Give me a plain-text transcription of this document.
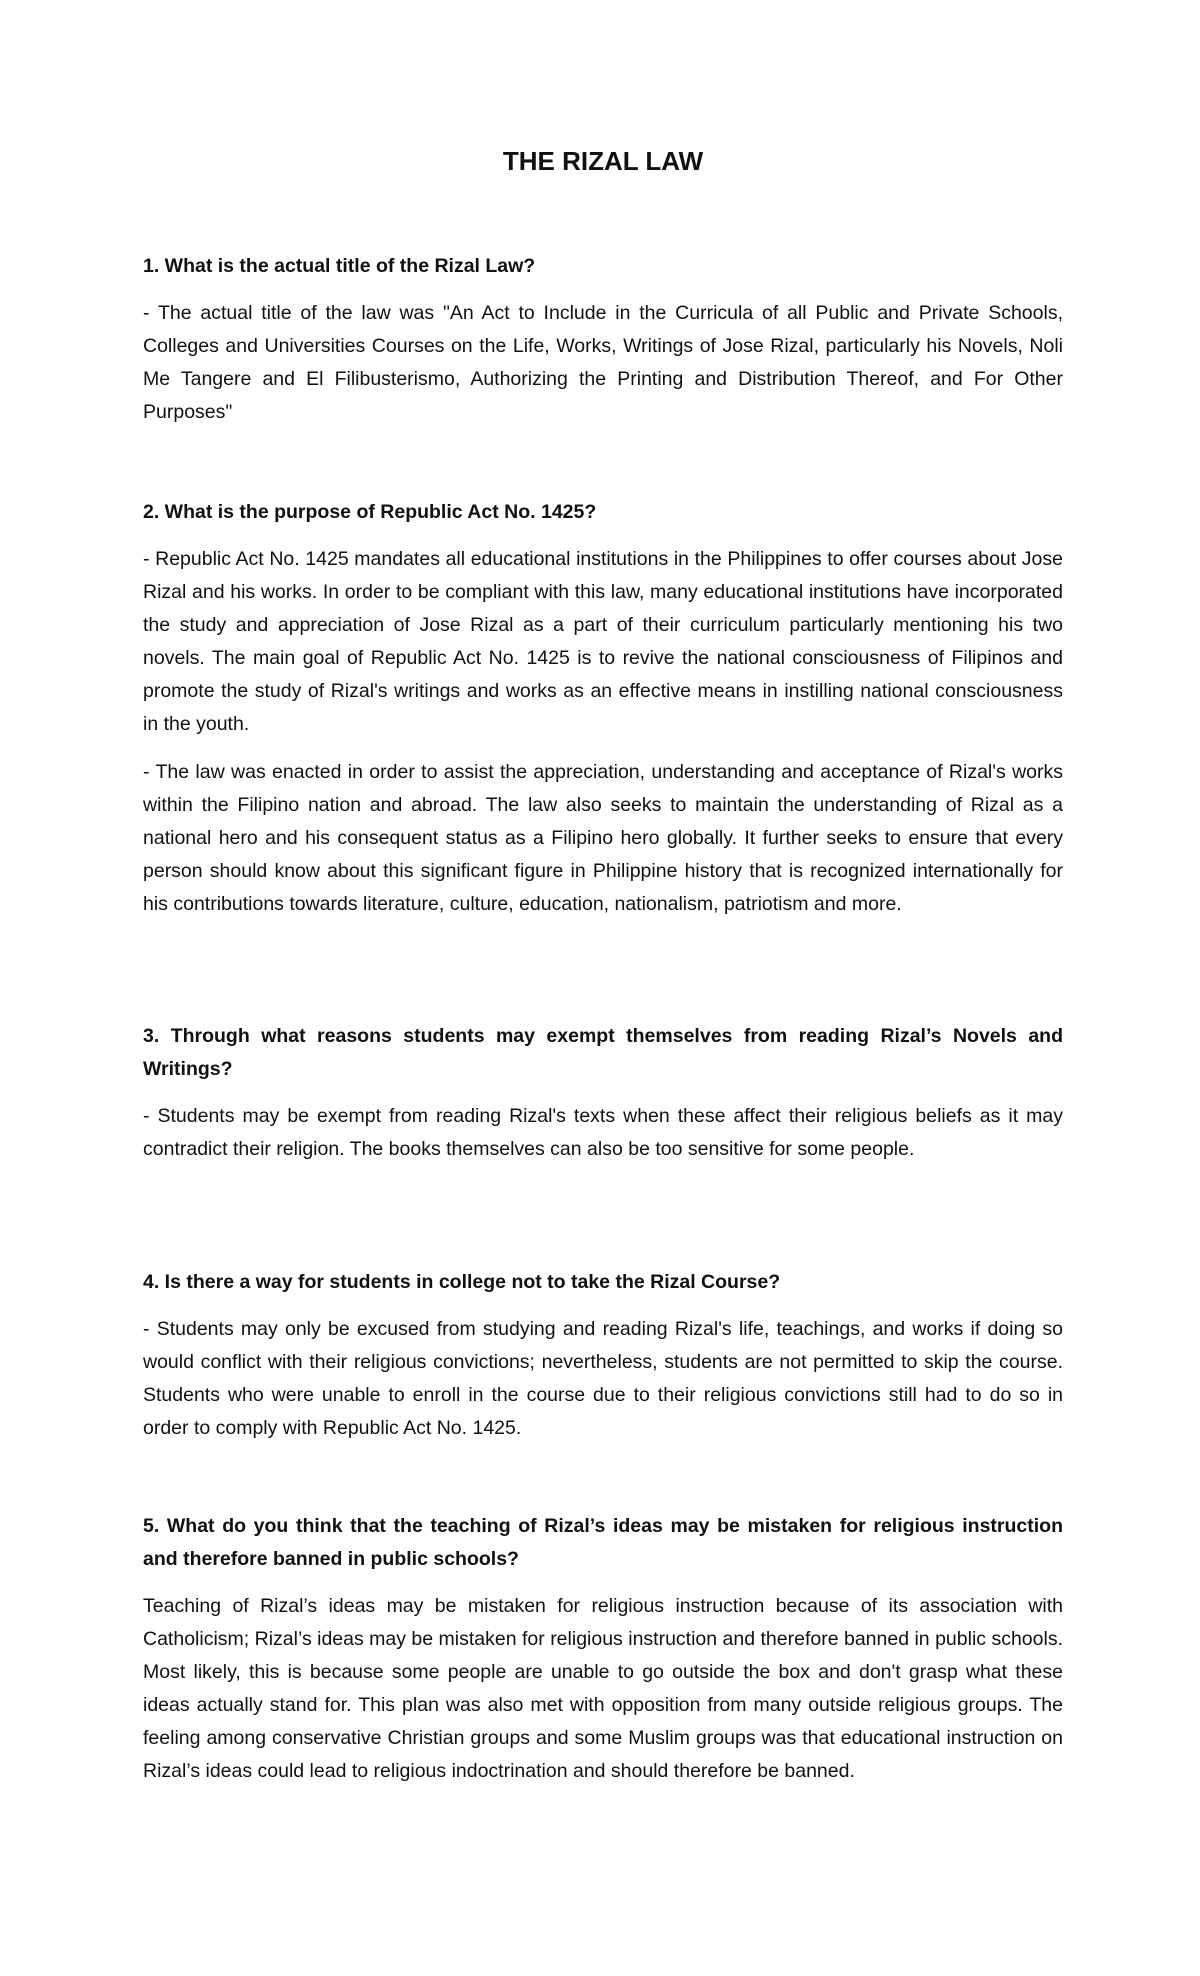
THE RIZAL LAW

1. What is the actual title of the Rizal Law?

- The actual title of the law was "An Act to Include in the Curricula of all Public and Private Schools, Colleges and Universities Courses on the Life, Works, Writings of Jose Rizal, particularly his Novels, Noli Me Tangere and El Filibusterismo, Authorizing the Printing and Distribution Thereof, and For Other Purposes"

2. What is the purpose of Republic Act No. 1425?

- Republic Act No. 1425 mandates all educational institutions in the Philippines to offer courses about Jose Rizal and his works. In order to be compliant with this law, many educational institutions have incorporated the study and appreciation of Jose Rizal as a part of their curriculum particularly mentioning his two novels. The main goal of Republic Act No. 1425 is to revive the national consciousness of Filipinos and promote the study of Rizal's writings and works as an effective means in instilling national consciousness in the youth.

- The law was enacted in order to assist the appreciation, understanding and acceptance of Rizal's works within the Filipino nation and abroad. The law also seeks to maintain the understanding of Rizal as a national hero and his consequent status as a Filipino hero globally. It further seeks to ensure that every person should know about this significant figure in Philippine history that is recognized internationally for his contributions towards literature, culture, education, nationalism, patriotism and more.

3. Through what reasons students may exempt themselves from reading Rizal’s Novels and Writings?

- Students may be exempt from reading Rizal's texts when these affect their religious beliefs as it may contradict their religion. The books themselves can also be too sensitive for some people.

4. Is there a way for students in college not to take the Rizal Course?

- Students may only be excused from studying and reading Rizal's life, teachings, and works if doing so would conflict with their religious convictions; nevertheless, students are not permitted to skip the course. Students who were unable to enroll in the course due to their religious convictions still had to do so in order to comply with Republic Act No. 1425.

5. What do you think that the teaching of Rizal’s ideas may be mistaken for religious instruction and therefore banned in public schools?

Teaching of Rizal’s ideas may be mistaken for religious instruction because of its association with Catholicism; Rizal’s ideas may be mistaken for religious instruction and therefore banned in public schools. Most likely, this is because some people are unable to go outside the box and don't grasp what these ideas actually stand for. This plan was also met with opposition from many outside religious groups. The feeling among conservative Christian groups and some Muslim groups was that educational instruction on Rizal’s ideas could lead to religious indoctrination and should therefore be banned.
